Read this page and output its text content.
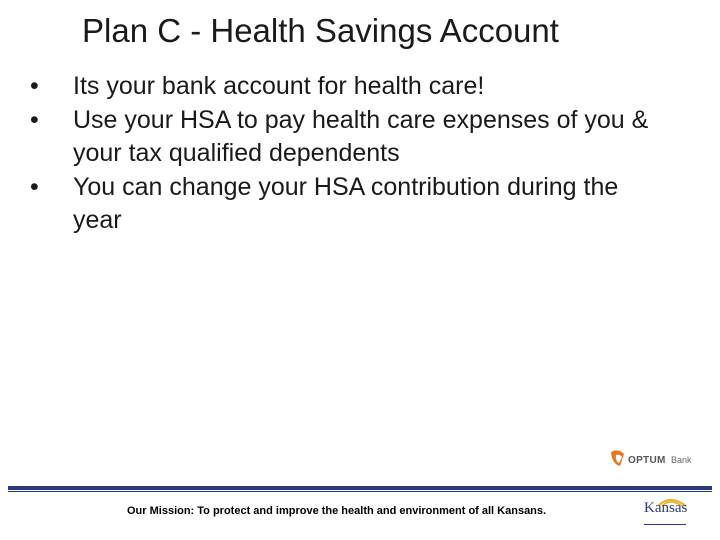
Plan C - Health Savings Account
• Its your bank account for health care!
• Use your HSA to pay health care expenses of you & your tax qualified dependents
• You can change your HSA contribution during the year
OPTUM Bank
Our Mission: To protect and improve the health and environment of all Kansans.	Kansas
